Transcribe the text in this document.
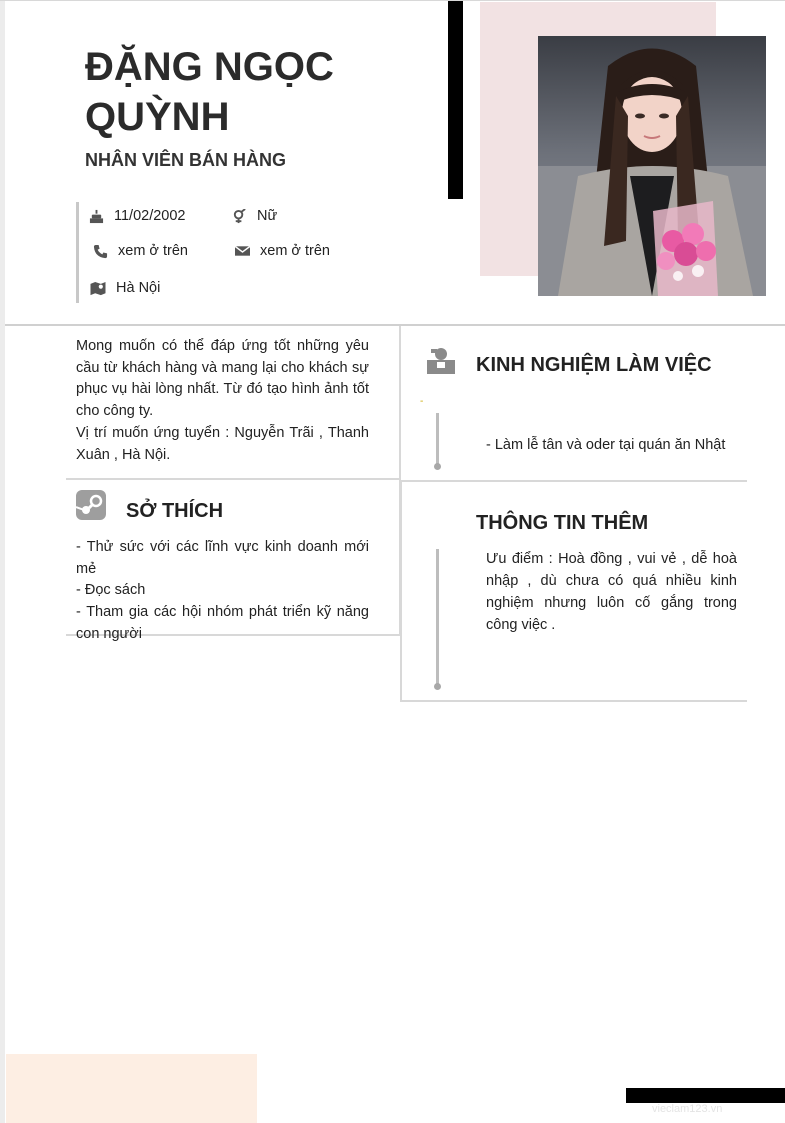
ĐẶNG NGỌC
QUỲNH
NHÂN VIÊN BÁN HÀNG
11/02/2002	Nữ
xem ở trên	xem ở trên
Hà Nội

Mong muốn có thể đáp ứng tốt những yêu cầu từ khách hàng và mang lại cho khách sự phục vụ hài lòng nhất. Từ đó tạo hình ảnh tốt cho công ty.

Vị trí muốn ứng tuyển : Nguyễn Trãi , Thanh Xuân , Hà Nội.

SỞ THÍCH

- Thử sức với các lĩnh vực kinh doanh mới mẻ

- Đọc sách

- Tham gia các hội nhóm phát triển kỹ năng con người

KINH NGHIỆM LÀM VIỆC
-
- Làm lễ tân và oder tại quán ăn Nhật
THÔNG TIN THÊM
Ưu điểm : Hoà đồng , vui vẻ , dễ hoà nhập , dù chưa có quá nhiều kinh nghiệm nhưng luôn cố gắng trong công việc .
vieclam123.vn
